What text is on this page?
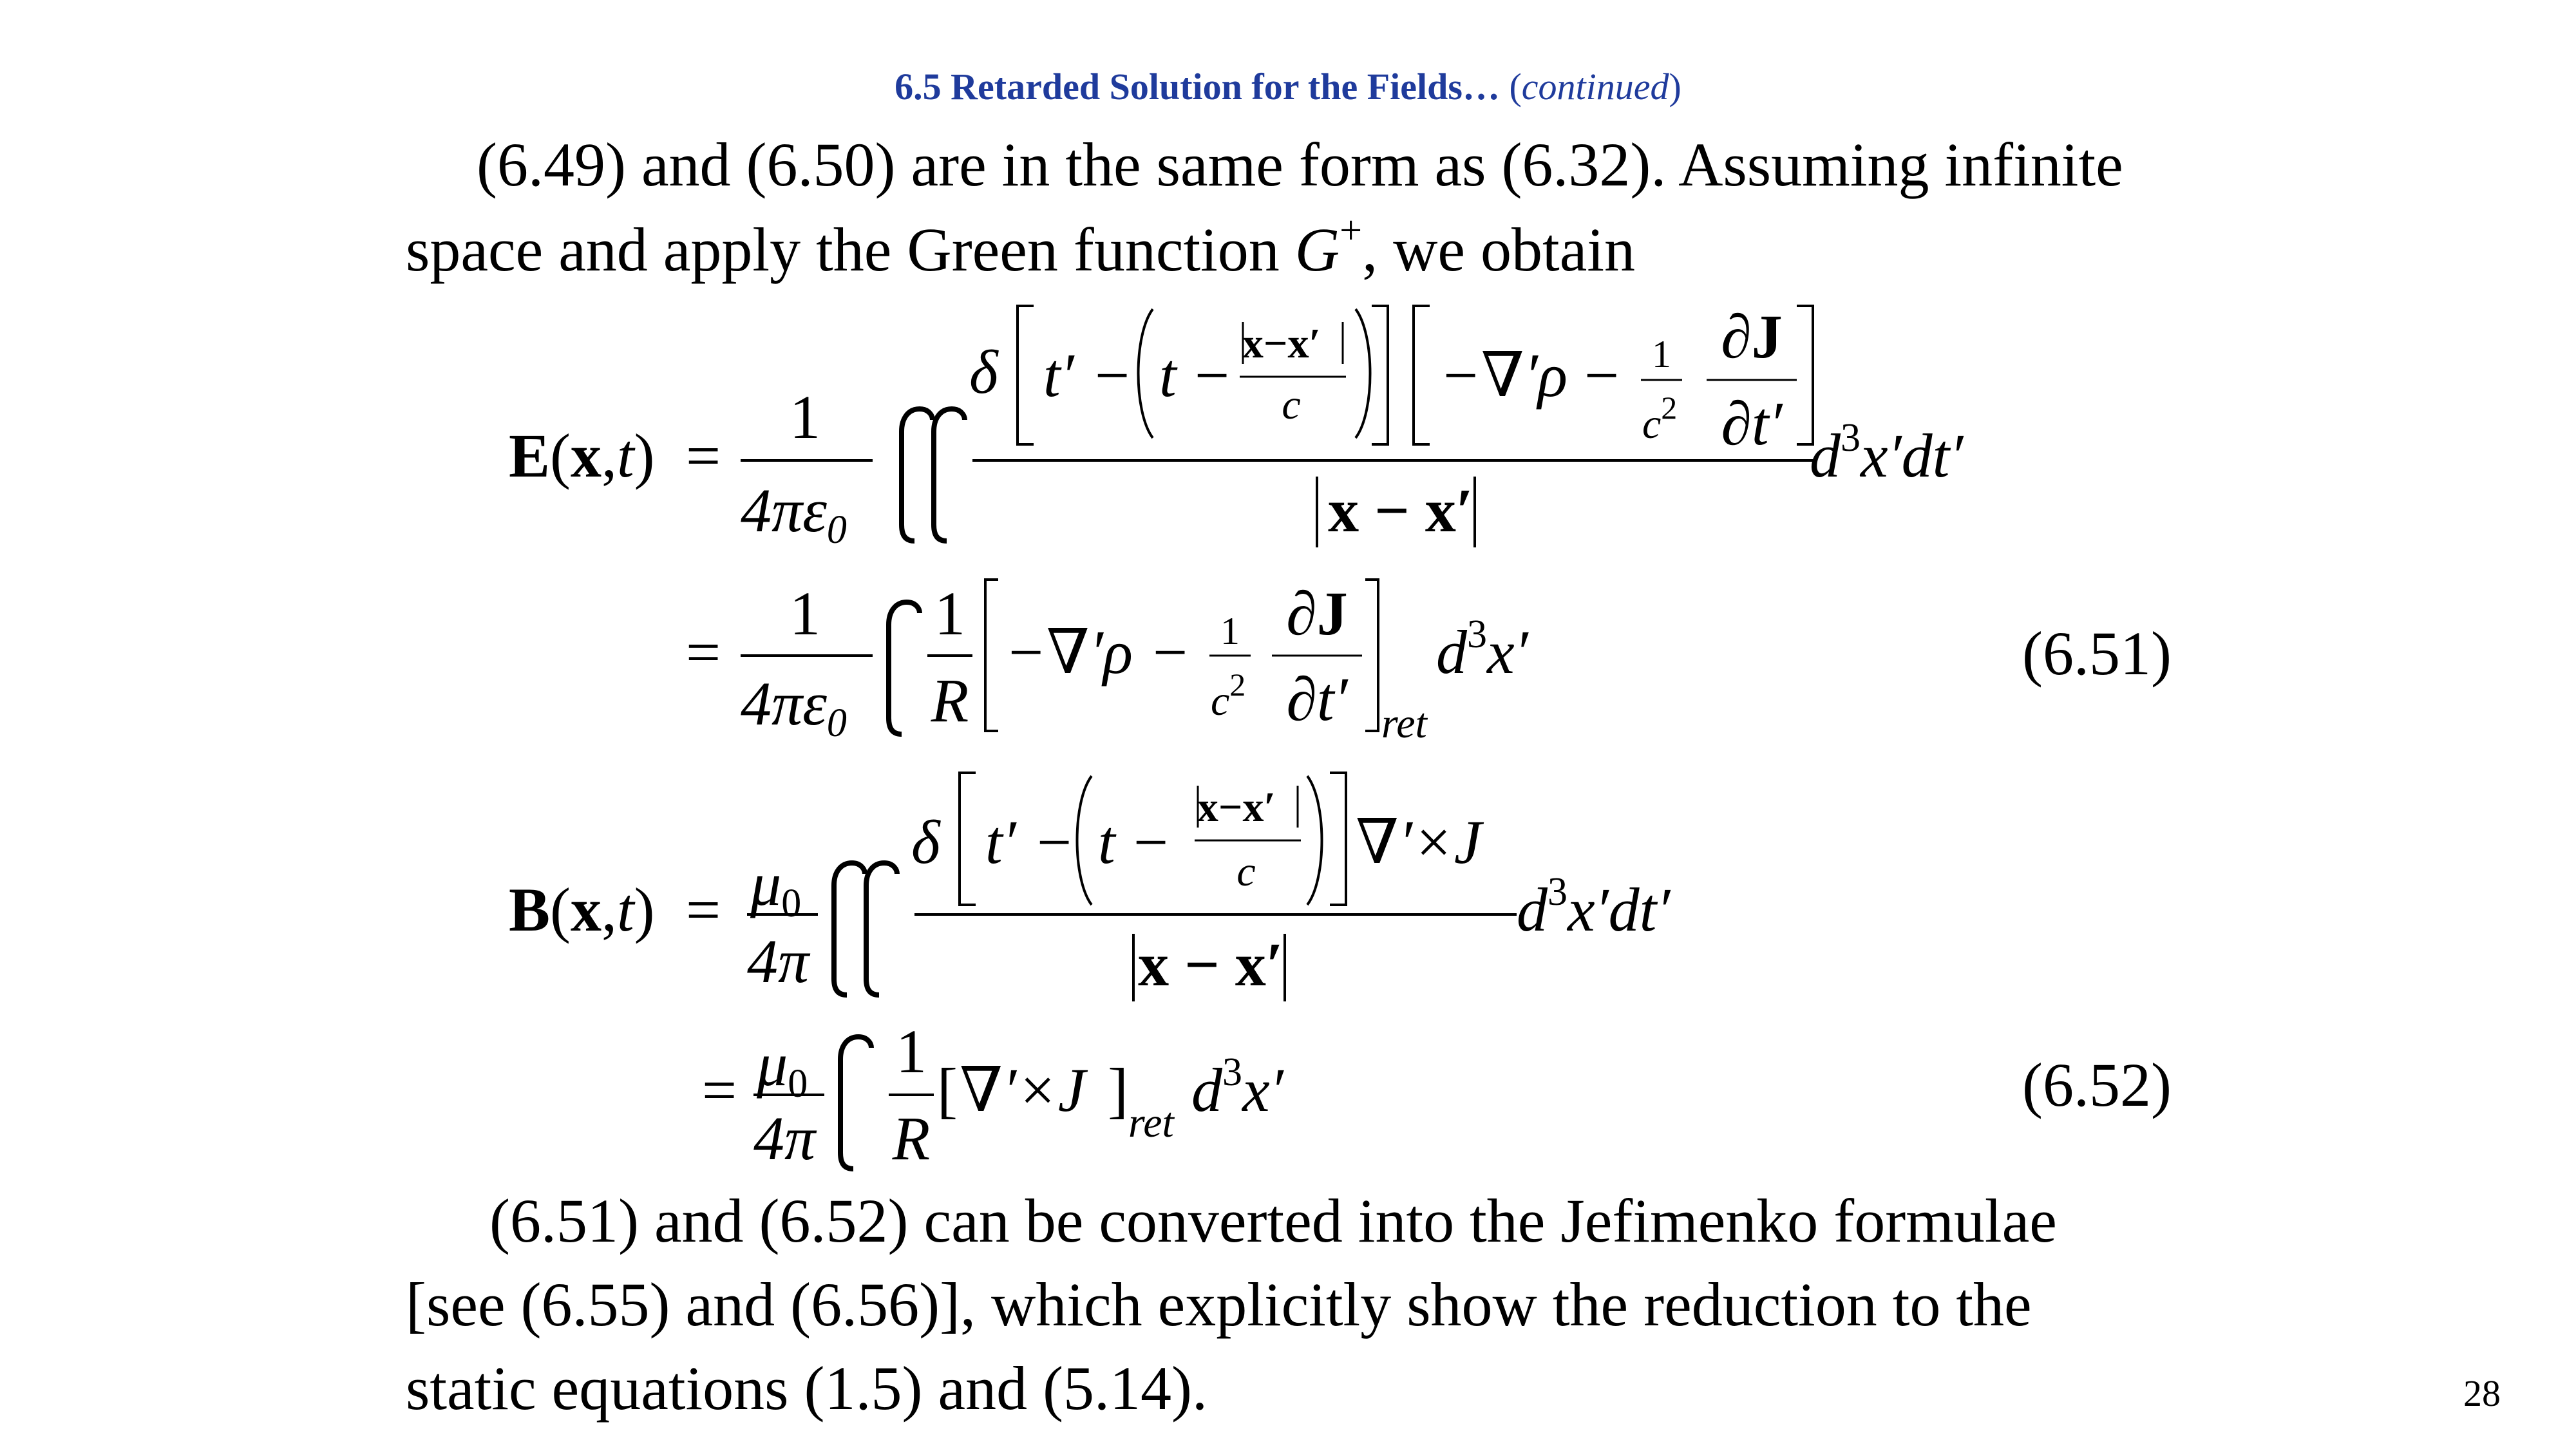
6.5 Retarded Solution for the Fields… (continued)
(6.49) and (6.50) are in the same form as (6.32). Assuming infinite
space and apply the Green function G+, we obtain
E(x,t) =
1
4πε0
δ t′ − t − x−x′
c −∇′ρ − 1
$c^2$
∂J
∂t′
x − x′
$d^3x'dt'$
=
1
4πε0
1
R
−∇′ρ − 1
$c^2$
∂J
∂t′ ret
$d^3x'$
B(x,t) = μ0
4π
δ t′ − t −
x−x′
c ∇′×J
x − x′
$d^3x'dt'$
= μ0
4π
1
R
[ ∇′×J ] ret $d^3x'$
(6.51)
(6.52)
(6.51) and (6.52) can be converted into the Jefimenko formulae
[see (6.55) and (6.56)], which explicitly show the reduction to the
static equations (1.5) and (5.14).	28
